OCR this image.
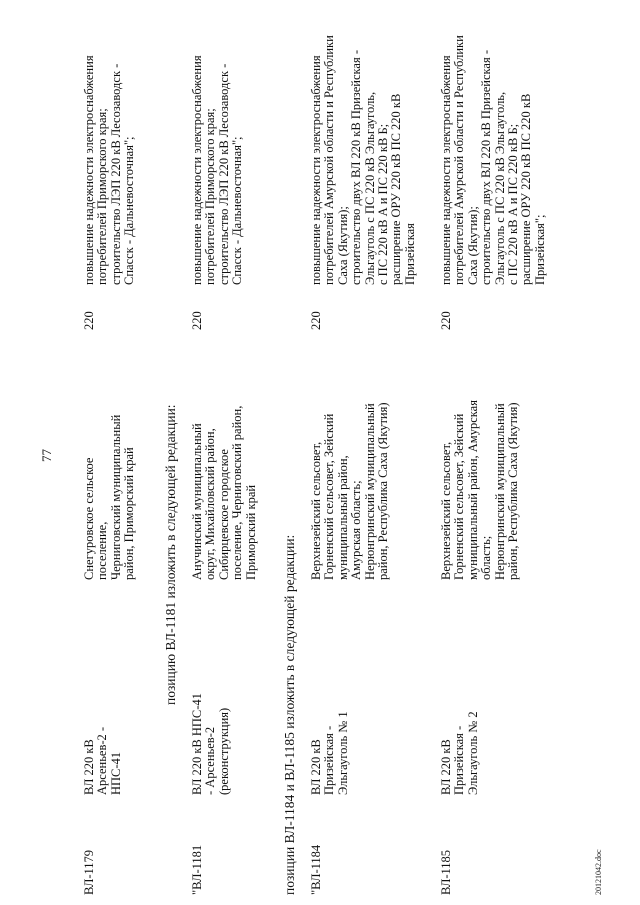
77
ВЛ-1179
ВЛ 220 кВ Арсеньев-2 -
НПС-41
Снегуровское сельское поселение,
Черниговский муниципальный
район, Приморский край
220
повышение надежности электроснабжения
потребителей Приморского края;
строительство ЛЭП 220 кВ Лесозаводск -
Спасск - Дальневосточная";
позицию ВЛ-1181 изложить в следующей редакции:
"ВЛ-1181
ВЛ 220 кВ НПС-41 - Арсеньев-2
(реконструкция)
Анучинский муниципальный
округ, Михайловский район,
Сибирцевское городское
поселение, Черниговский район,
Приморский край
220
повышение надежности электроснабжения
потребителей Приморского края;
строительство ЛЭП 220 кВ Лесозаводск -
Спасск - Дальневосточная";
позиции ВЛ-1184 и ВЛ-1185 изложить в следующей редакции: "ВЛ-1184
ВЛ 220 кВ Призейская -
Эльгауголь № 1
Верхнезейский сельсовет,
Горненский сельсовет, Зейский
муниципальный район,
Амурская область;
Нерюнгринский муниципальный
район, Республика Саха (Якутия)
220
повышение надежности электроснабжения
потребителей Амурской области и Республики
Саха (Якутия);
строительство двух ВЛ 220 кВ Призейская -
Эльгауголь с ПС 220 кВ Эльгауголь,
с ПС 220 кВ А и ПС 220 кВ Б;
расширение ОРУ 220 кВ ПС 220 кВ
Призейская
ВЛ-1185
ВЛ 220 кВ Призейская -
Эльгауголь № 2
Верхнезейский сельсовет,
Горненский сельсовет, Зейский
муниципальный район, Амурская
область;
Нерюнгринский муниципальный
район, Республика Саха (Якутия)
220
повышение надежности электроснабжения
потребителей Амурской области и Республики
Саха (Якутия);
строительство двух ВЛ 220 кВ Призейская -
Эльгауголь с ПС 220 кВ Эльгауголь,
с ПС 220 кВ А и ПС 220 кВ Б;
расширение ОРУ 220 кВ ПС 220 кВ
Призейская";
20121042.doc
